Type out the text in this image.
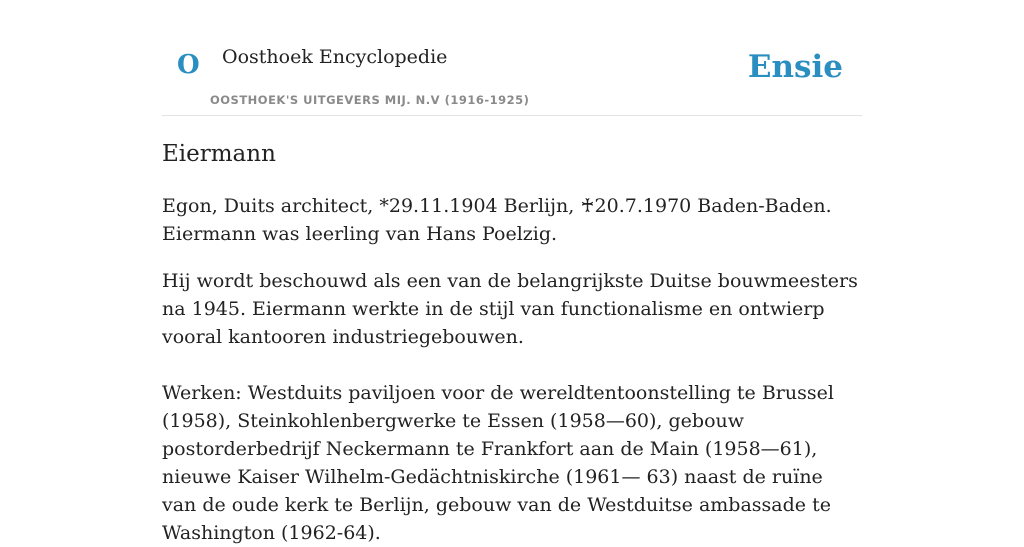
O Oosthoek Encyclopedie
OOSTHOEK'S UITGEVERS MIJ. N.V (1916-1925)
Ensie
Eiermann

Egon, Duits architect, *29.11.1904 Berlijn, ♰20.7.1970 Baden-Baden. Eiermann was leerling van Hans Poelzig.

Hij wordt beschouwd als een van de belangrijkste Duitse bouwmeesters na 1945. Eiermann werkte in de stijl van functionalisme en ontwierp vooral kantooren industriegebouwen.

Werken: Westduits paviljoen voor de wereldtentoonstelling te Brussel (1958), Steinkohlenbergwerke te Essen (1958—60), gebouw postorderbedrijf Neckermann te Frankfort aan de Main (1958—61), nieuwe Kaiser Wilhelm-Gedächtniskirche (1961— 63) naast de ruïne van de oude kerk te Berlijn, gebouw van de Westduitse ambassade te Washington (1962-64).
